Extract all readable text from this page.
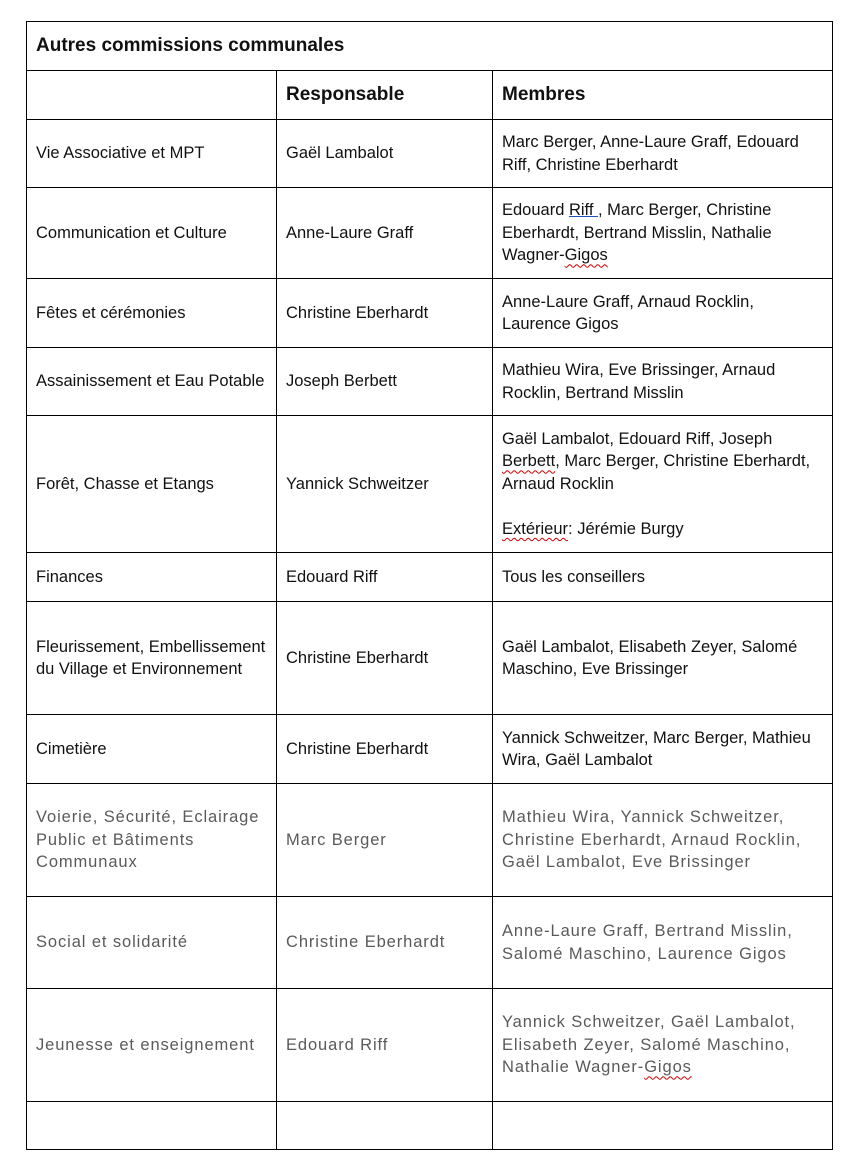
Autres commissions communales		
	Responsable	Membres
Vie Associative et MPT	Gaël Lambalot	Marc Berger, Anne-Laure Graff, Edouard Riff, Christine Eberhardt
Communication et Culture	Anne-Laure Graff	Edouard Riff , Marc Berger, Christine Eberhardt, Bertrand Misslin, Nathalie Wagner-Gigos
Fêtes et cérémonies	Christine Eberhardt	Anne-Laure Graff, Arnaud Rocklin, Laurence Gigos
Assainissement et Eau Potable	Joseph Berbett	Mathieu Wira, Eve Brissinger, Arnaud Rocklin, Bertrand Misslin
Forêt, Chasse et Etangs	Yannick Schweitzer	Gaël Lambalot, Edouard Riff, Joseph Berbett, Marc Berger, Christine Eberhardt, Arnaud Rocklin
Extérieur: Jérémie Burgy
Finances	Edouard Riff	Tous les conseillers
Fleurissement, Embellissement du Village et Environnement	Christine Eberhardt	Gaël Lambalot, Elisabeth Zeyer, Salomé Maschino, Eve Brissinger
Cimetière	Christine Eberhardt	Yannick Schweitzer, Marc Berger, Mathieu Wira, Gaël Lambalot
Voierie, Sécurité, Eclairage Public et Bâtiments Communaux	Marc Berger	Mathieu Wira, Yannick Schweitzer, Christine Eberhardt, Arnaud Rocklin, Gaël Lambalot, Eve Brissinger
Social et solidarité	Christine Eberhardt	Anne-Laure Graff, Bertrand Misslin, Salomé Maschino, Laurence Gigos
Jeunesse et enseignement	Edouard Riff	Yannick Schweitzer, Gaël Lambalot, Elisabeth Zeyer, Salomé Maschino, Nathalie Wagner-Gigos
